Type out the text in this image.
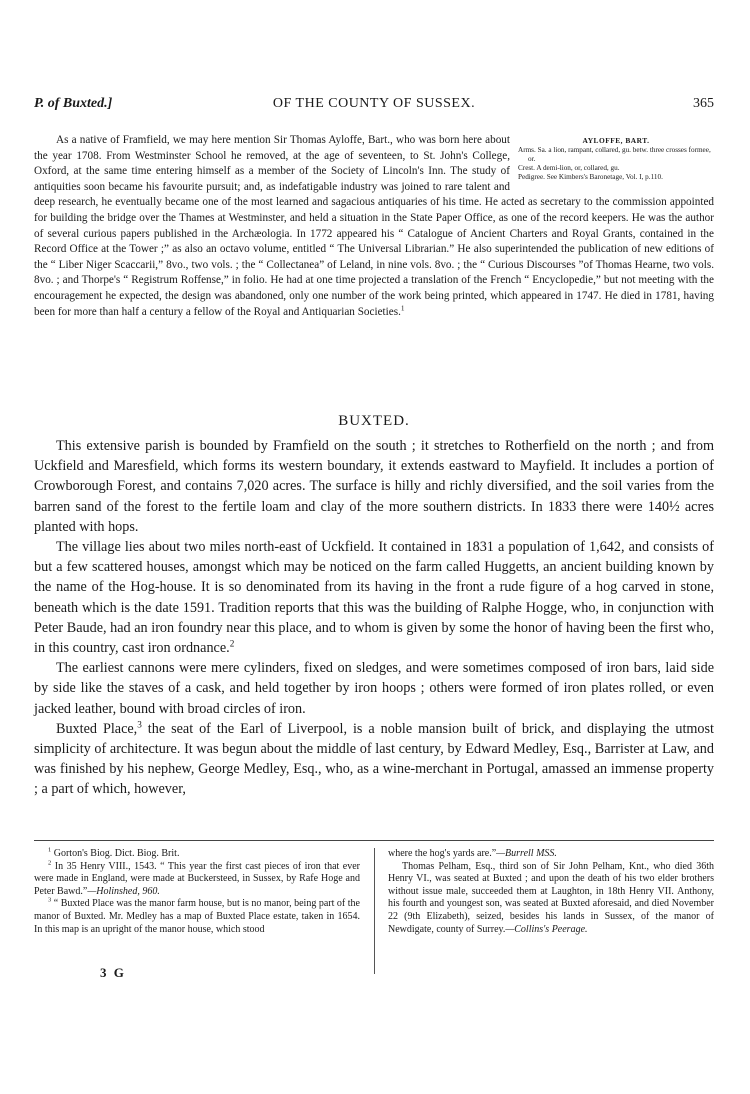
P. of Buxted.]	OF THE COUNTY OF SUSSEX.	365

AYLOFFE, BART.
Arms. Sa. a lion, rampant, collared, gu. betw. three crosses formee, or.
Crest. A demi-lion, or, collared, gu.
Pedigree. See Kimbers's Baronetage, Vol. I, p.110.
As a native of Framfield, we may here mention Sir Thomas Ayloffe, Bart., who was born here about the year 1708. From Westminster School he removed, at the age of seventeen, to St. John's College, Oxford, at the same time entering himself as a member of the Society of Lincoln's Inn. The study of antiquities soon became his favourite pursuit; and, as indefatigable industry was joined to rare talent and deep research, he eventually became one of the most learned and sagacious antiquaries of his time. He acted as secretary to the commission appointed for building the bridge over the Thames at Westminster, and held a situation in the State Paper Office, as one of the record keepers. He was the author of several curious papers published in the Archæologia. In 1772 appeared his “ Catalogue of Ancient Charters and Royal Grants, contained in the Record Office at the Tower ;” as also an octavo volume, entitled “ The Universal Librarian.” He also superintended the publication of new editions of the “ Liber Niger Scaccarii,” 8vo., two vols. ; the “ Collectanea” of Leland, in nine vols. 8vo. ; the “ Curious Discourses ”of Thomas Hearne, two vols. 8vo. ; and Thorpe's “ Registrum Roffense,” in folio. He had at one time projected a translation of the French “ Encyclopedie,” but not meeting with the encouragement he expected, the design was abandoned, only one number of the work being printed, which appeared in 1747. He died in 1781, having been for more than half a century a fellow of the Royal and Antiquarian Societies.$^1$

BUXTED.

This extensive parish is bounded by Framfield on the south ; it stretches to Rotherfield on the north ; and from Uckfield and Maresfield, which forms its western boundary, it extends eastward to Mayfield. It includes a portion of Crowborough Forest, and contains 7,020 acres. The surface is hilly and richly diversified, and the soil varies from the barren sand of the forest to the fertile loam and clay of the more southern districts. In 1833 there were 140½ acres planted with hops.

The village lies about two miles north-east of Uckfield. It contained in 1831 a population of 1,642, and consists of but a few scattered houses, amongst which may be noticed on the farm called Huggetts, an ancient building known by the name of the Hog-house. It is so denominated from its having in the front a rude figure of a hog carved in stone, beneath which is the date 1591. Tradition reports that this was the building of Ralphe Hogge, who, in conjunction with Peter Baude, had an iron foundry near this place, and to whom is given by some the honor of having been the first who, in this country, cast iron ordnance.$^2$

The earliest cannons were mere cylinders, fixed on sledges, and were sometimes composed of iron bars, laid side by side like the staves of a cask, and held together by iron hoops ; others were formed of iron plates rolled, or even jacked leather, bound with broad circles of iron.

Buxted Place,$^3$ the seat of the Earl of Liverpool, is a noble mansion built of brick, and displaying the utmost simplicity of architecture. It was begun about the middle of last century, by Edward Medley, Esq., Barrister at Law, and was finished by his nephew, George Medley, Esq., who, as a wine-merchant in Portugal, amassed an immense property ; a part of which, however,

$^1$ Gorton's Biog. Dict. Biog. Brit.

$^2$ In 35 Henry VIII., 1543. “ This year the first cast pieces of iron that ever were made in England, were made at Buckersteed, in Sussex, by Rafe Hoge and Peter Bawd.”—Holinshed, 960.

$^3$ “ Buxted Place was the manor farm house, but is no manor, being part of the manor of Buxted. Mr. Medley has a map of Buxted Place estate, taken in 1654. In this map is an upright of the manor house, which stood

where the hog's yards are.”—Burrell MSS.

Thomas Pelham, Esq., third son of Sir John Pelham, Knt., who died 36th Henry VI., was seated at Buxted ; and upon the death of his two elder brothers without issue male, succeeded them at Laughton, in 18th Henry VII. Anthony, his fourth and youngest son, was seated at Buxted aforesaid, and died November 22 (9th Elizabeth), seized, besides his lands in Sussex, of the manor of Newdigate, county of Surrey.—Collins's Peerage.

3 G
